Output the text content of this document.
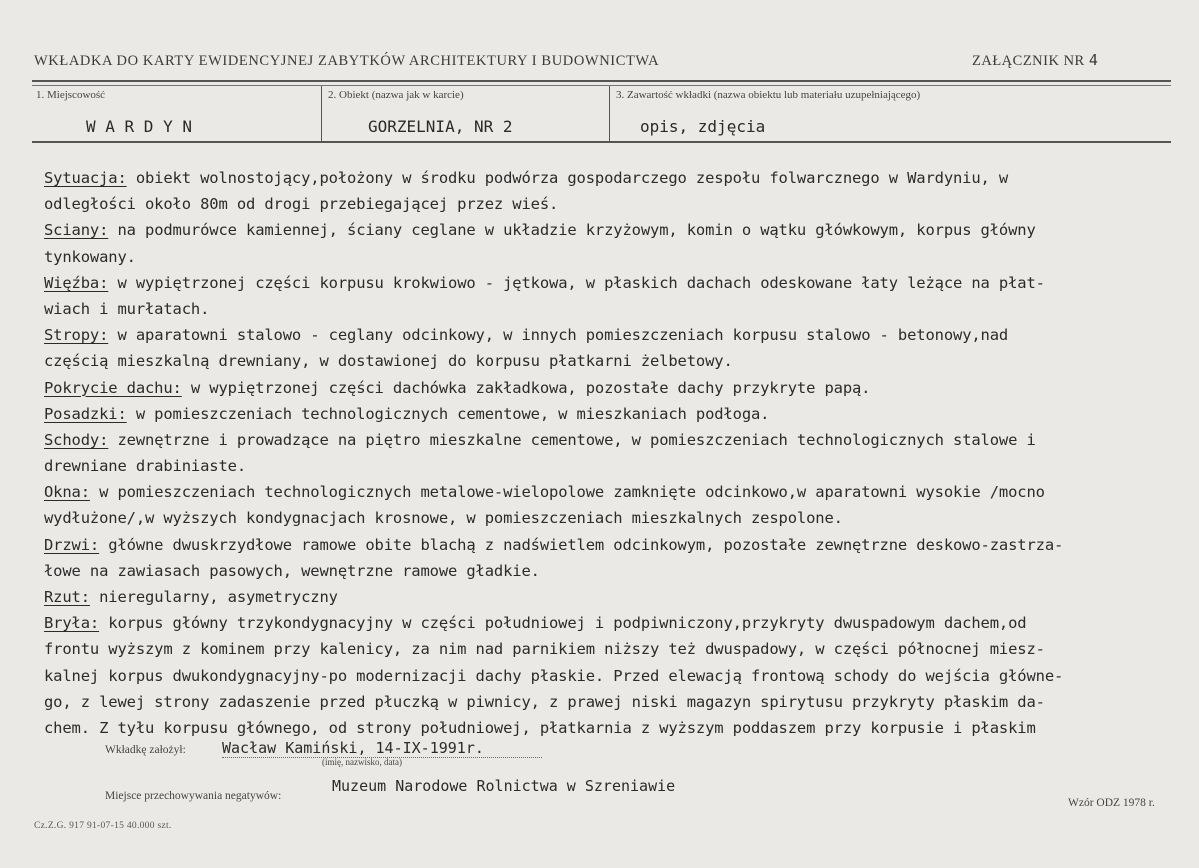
WKŁADKA DO KARTY EWIDENCYJNEJ ZABYTKÓW ARCHITEKTURY I BUDOWNICTWA	ZAŁĄCZNIK NR 4
1. Miejscowość
W A R D Y N
2. Obiekt (nazwa jak w karcie)
GORZELNIA, NR 2
3. Zawartość wkładki (nazwa obiektu lub materiału uzupełniającego)
opis, zdjęcia
Sytuacja: obiekt wolnostojący,położony w środku podwórza gospodarczego zespołu folwarcznego w Wardyniu, w
odległości około 80m od drogi przebiegającej przez wieś.
Sciany: na podmurówce kamiennej, ściany ceglane w układzie krzyżowym, komin o wątku główkowym, korpus główny
tynkowany.
Więźba: w wypiętrzonej części korpusu krokwiowo - jętkowa, w płaskich dachach odeskowane łaty leżące na płat-
wiach i murłatach.
Stropy: w aparatowni stalowo - ceglany odcinkowy, w innych pomieszczeniach korpusu stalowo - betonowy,nad
częścią mieszkalną drewniany, w dostawionej do korpusu płatkarni żelbetowy.
Pokrycie dachu: w wypiętrzonej części dachówka zakładkowa, pozostałe dachy przykryte papą.
Posadzki: w pomieszczeniach technologicznych cementowe, w mieszkaniach podłoga.
Schody: zewnętrzne i prowadzące na piętro mieszkalne cementowe, w pomieszczeniach technologicznych stalowe i
drewniane drabiniaste.
Okna: w pomieszczeniach technologicznych metalowe-wielopolowe zamknięte odcinkowo,w aparatowni wysokie /mocno
wydłużone/,w wyższych kondygnacjach krosnowe, w pomieszczeniach mieszkalnych zespolone.
Drzwi: główne dwuskrzydłowe ramowe obite blachą z nadświetlem odcinkowym, pozostałe zewnętrzne deskowo-zastrza-
łowe na zawiasach pasowych, wewnętrzne ramowe gładkie.
Rzut: nieregularny, asymetryczny
Bryła: korpus główny trzykondygnacyjny w części południowej i podpiwniczony,przykryty dwuspadowym dachem,od
frontu wyższym z kominem przy kalenicy, za nim nad parnikiem niższy też dwuspadowy, w części północnej miesz-
kalnej korpus dwukondygnacyjny-po modernizacji dachy płaskie. Przed elewacją frontową schody do wejścia główne-
go, z lewej strony zadaszenie przed płuczką w piwnicy, z prawej niski magazyn spirytusu przykryty płaskim da-
chem. Z tyłu korpusu głównego, od strony południowej, płatkarnia z wyższym poddaszem przy korpusie i płaskim
Wkładkę założył: Wacław Kamiński, 14-IX-1991r.
(imię, nazwisko, data)
Miejsce przechowywania negatywów:
Muzeum Narodowe Rolnictwa w Szreniawie
Wzór ODZ 1978 r.
Cz.Z.G. 917 91-07-15 40.000 szt.
